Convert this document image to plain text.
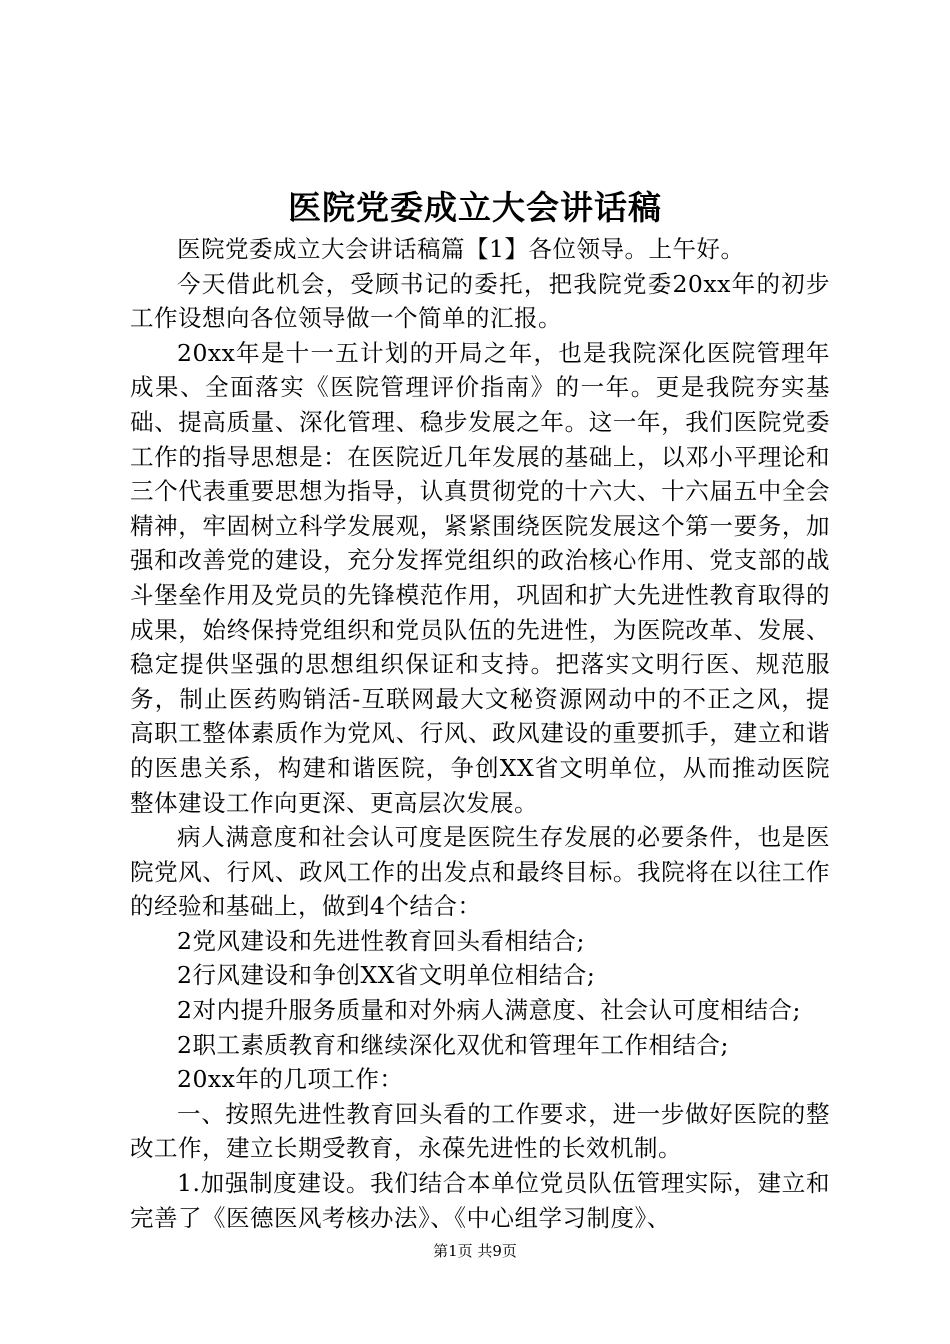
医院党委成立大会讲话稿

医院党委成立大会讲话稿篇【1】各位领导。上午好。

今天借此机会，受顾书记的委托，把我院党委20xx年的初步工作设想向各位领导做一个简单的汇报。

20xx年是十一五计划的开局之年，也是我院深化医院管理年成果、全面落实《医院管理评价指南》的一年。更是我院夯实基础、提高质量、深化管理、稳步发展之年。这一年，我们医院党委工作的指导思想是：在医院近几年发展的基础上，以邓小平理论和三个代表重要思想为指导，认真贯彻党的十六大、十六届五中全会精神，牢固树立科学发展观，紧紧围绕医院发展这个第一要务，加强和改善党的建设，充分发挥党组织的政治核心作用、党支部的战斗堡垒作用及党员的先锋模范作用，巩固和扩大先进性教育取得的成果，始终保持党组织和党员队伍的先进性，为医院改革、发展、稳定提供坚强的思想组织保证和支持。把落实文明行医、规范服务，制止医药购销活-互联网最大文秘资源网动中的不正之风，提高职工整体素质作为党风、行风、政风建设的重要抓手，建立和谐的医患关系，构建和谐医院，争创XX省文明单位，从而推动医院整体建设工作向更深、更高层次发展。

病人满意度和社会认可度是医院生存发展的必要条件，也是医院党风、行风、政风工作的出发点和最终目标。我院将在以往工作的经验和基础上，做到4个结合：

2党风建设和先进性教育回头看相结合;

2行风建设和争创XX省文明单位相结合;

2对内提升服务质量和对外病人满意度、社会认可度相结合;

2职工素质教育和继续深化双优和管理年工作相结合;

20xx年的几项工作：

一、按照先进性教育回头看的工作要求，进一步做好医院的整改工作，建立长期受教育，永葆先进性的长效机制。

1.加强制度建设。我们结合本单位党员队伍管理实际，建立和完善了《医德医风考核办法》、《中心组学习制度》、

第1页 共9页
